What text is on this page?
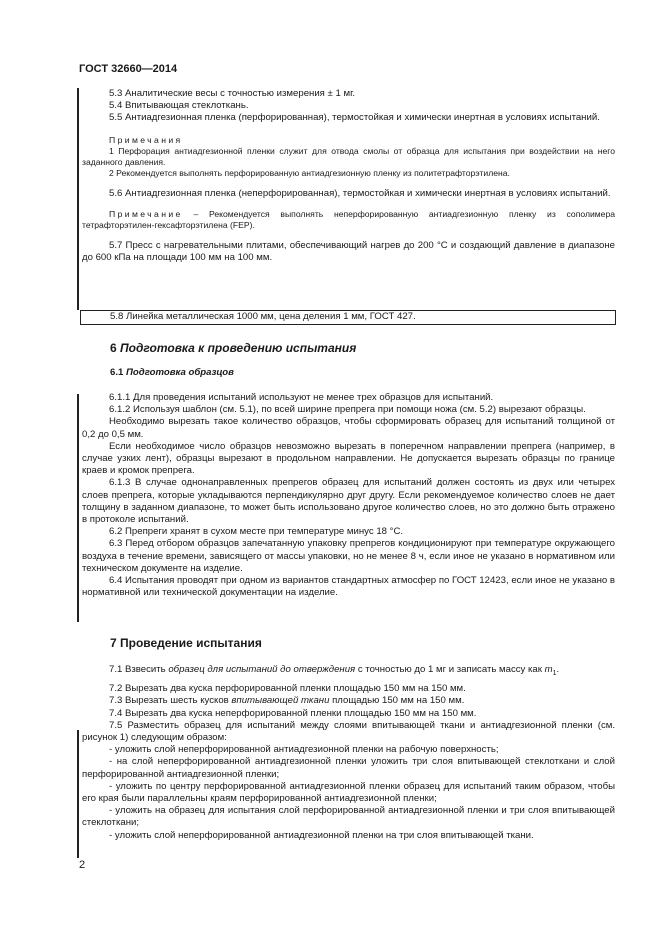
ГОСТ 32660—2014

5.3 Аналитические весы с точностью измерения ± 1 мг.

5.4 Впитывающая стеклоткань.

5.5 Антиадгезионная пленка (перфорированная), термостойкая и химически инертная в условиях испытаний.

Примечания

1 Перфорация антиадгезионной пленки служит для отвода смолы от образца для испытания при воздействии на него заданного давления.

2 Рекомендуется выполнять перфорированную антиадгезионную пленку из политетрафторэтилена.

5.6 Антиадгезионная пленка (неперфорированная), термостойкая и химически инертная в условиях испытаний.

Примечание – Рекомендуется выполнять неперфорированную антиадгезионную пленку из сополимера тетрафторэтилен-гексафторэтилена (FEP).

5.7 Пресс с нагревательными плитами, обеспечивающий нагрев до 200 °С и создающий давление в диапазоне до 600 кПа на площади 100 мм на 100 мм.

5.8 Линейка металлическая 1000 мм, цена деления 1 мм, ГОСТ 427.

6 Подготовка к проведению испытания
6.1 Подготовка образцов

6.1.1 Для проведения испытаний используют не менее трех образцов для испытаний.

6.1.2 Используя шаблон (см. 5.1), по всей ширине препрега при помощи ножа (см. 5.2) вырезают образцы.

Необходимо вырезать такое количество образцов, чтобы сформировать образец для испытаний толщиной от 0,2 до 0,5 мм.

Если необходимое число образцов невозможно вырезать в поперечном направлении препрега (например, в случае узких лент), образцы вырезают в продольном направлении. Не допускается вырезать образцы по границе краев и кромок препрега.

6.1.3 В случае однонаправленных препрегов образец для испытаний должен состоять из двух или четырех слоев препрега, которые укладываются перпендикулярно друг другу. Если рекомендуемое количество слоев не дает толщину в заданном диапазоне, то может быть использовано другое количество слоев, но это должно быть отражено в протоколе испытаний.

6.2 Препреги хранят в сухом месте при температуре минус 18 °С.

6.3 Перед отбором образцов запечатанную упаковку препрегов кондиционируют при температуре окружающего воздуха в течение времени, зависящего от массы упаковки, но не менее 8 ч, если иное не указано в нормативном или техническом документе на изделие.

6.4 Испытания проводят при одном из вариантов стандартных атмосфер по ГОСТ 12423, если иное не указано в нормативной или технической документации на изделие.

7 Проведение испытания

7.1 Взвесить образец для испытаний до отверждения с точностью до 1 мг и записать массу как $m_1$.

7.2 Вырезать два куска перфорированной пленки площадью 150 мм на 150 мм.

7.3 Вырезать шесть кусков впитывающей ткани площадью 150 мм на 150 мм.

7.4 Вырезать два куска неперфорированной пленки площадью 150 мм на 150 мм.

7.5 Разместить образец для испытаний между слоями впитывающей ткани и антиадгезионной пленки (см. рисунок 1) следующим образом:

- уложить слой неперфорированной антиадгезионной пленки на рабочую поверхность;

- на слой неперфорированной антиадгезионной пленки уложить три слоя впитывающей стеклоткани и слой перфорированной антиадгезионной пленки;

- уложить по центру перфорированной антиадгезионной пленки образец для испытаний таким образом, чтобы его края были параллельны краям перфорированной антиадгезионной пленки;

- уложить на образец для испытания слой перфорированной антиадгезионной пленки и три слоя впитывающей стеклоткани;

- уложить слой неперфорированной антиадгезионной пленки на три слоя впитывающей ткани.

2
